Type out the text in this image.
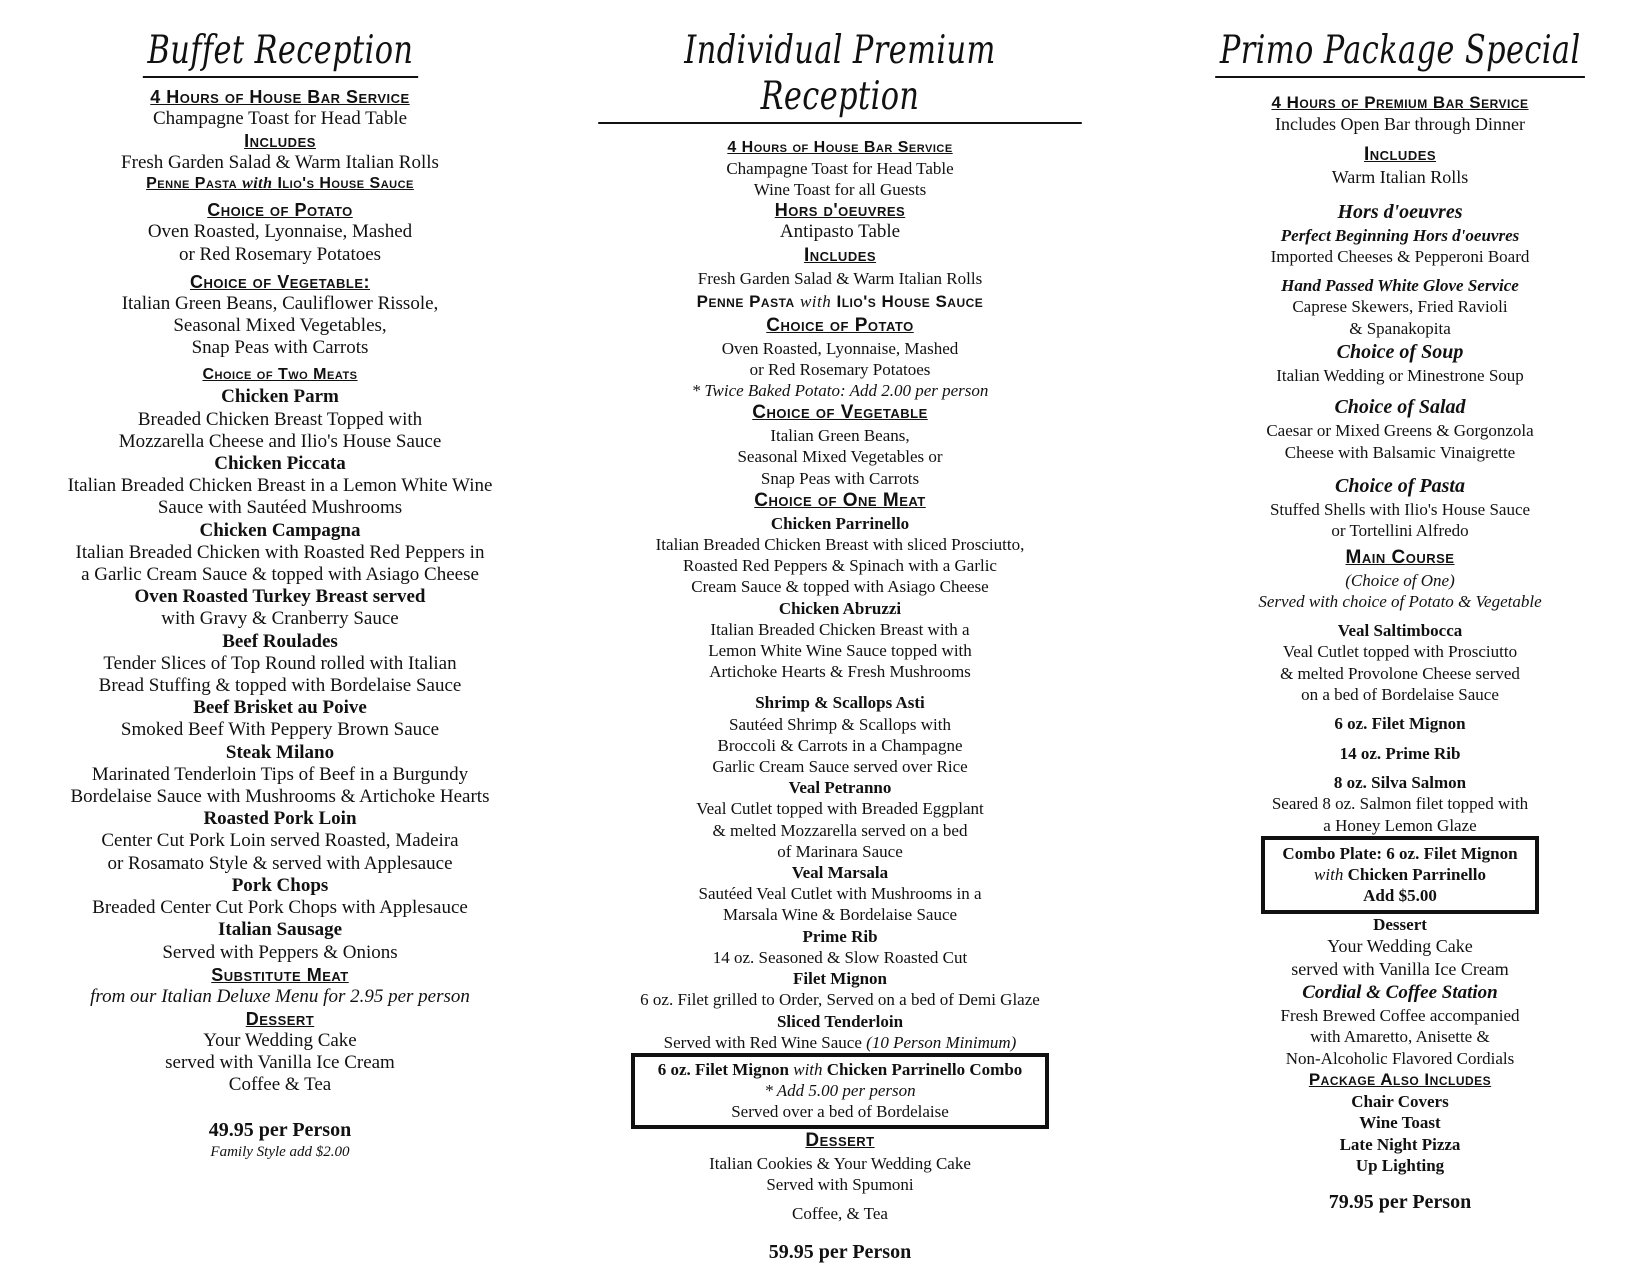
Buffet Reception

4 Hours of House Bar Service

Champagne Toast for Head Table

Includes

Fresh Garden Salad & Warm Italian Rolls

Penne Pasta with Ilio's House Sauce

Choice of Potato

Oven Roasted, Lyonnaise, Mashed

or Red Rosemary Potatoes

Choice of Vegetable:

Italian Green Beans, Cauliflower Rissole,

Seasonal Mixed Vegetables,

Snap Peas with Carrots

Choice of Two Meats

Chicken Parm

Breaded Chicken Breast Topped with

Mozzarella Cheese and Ilio's House Sauce

Chicken Piccata

Italian Breaded Chicken Breast in a Lemon White Wine

Sauce with Sautéed Mushrooms

Chicken Campagna

Italian Breaded Chicken with Roasted Red Peppers in

a Garlic Cream Sauce & topped with Asiago Cheese

Oven Roasted Turkey Breast served

with Gravy & Cranberry Sauce

Beef Roulades

Tender Slices of Top Round rolled with Italian

Bread Stuffing & topped with Bordelaise Sauce

Beef Brisket au Poive

Smoked Beef With Peppery Brown Sauce

Steak Milano

Marinated Tenderloin Tips of Beef in a Burgundy

Bordelaise Sauce with Mushrooms & Artichoke Hearts

Roasted Pork Loin

Center Cut Pork Loin served Roasted, Madeira

or Rosamato Style & served with Applesauce

Pork Chops

Breaded Center Cut Pork Chops with Applesauce

Italian Sausage

Served with Peppers & Onions

Substitute Meat

from our Italian Deluxe Menu for 2.95 per person

Dessert

Your Wedding Cake

served with Vanilla Ice Cream

Coffee & Tea

49.95 per Person

Family Style add $2.00

Individual Premium Reception

4 Hours of House Bar Service

Champagne Toast for Head Table

Wine Toast for all Guests

Hors d'oeuvres

Antipasto Table

Includes

Fresh Garden Salad & Warm Italian Rolls

Penne Pasta with Ilio's House Sauce

Choice of Potato

Oven Roasted, Lyonnaise, Mashed

or Red Rosemary Potatoes

* Twice Baked Potato: Add 2.00 per person

Choice of Vegetable

Italian Green Beans,

Seasonal Mixed Vegetables or

Snap Peas with Carrots

Choice of One Meat

Chicken Parrinello

Italian Breaded Chicken Breast with sliced Prosciutto,

Roasted Red Peppers & Spinach with a Garlic

Cream Sauce & topped with Asiago Cheese

Chicken Abruzzi

Italian Breaded Chicken Breast with a

Lemon White Wine Sauce topped with

Artichoke Hearts & Fresh Mushrooms

Shrimp & Scallops Asti

Sautéed Shrimp & Scallops with

Broccoli & Carrots in a Champagne

Garlic Cream Sauce served over Rice

Veal Petranno

Veal Cutlet topped with Breaded Eggplant

& melted Mozzarella served on a bed

of Marinara Sauce

Veal Marsala

Sautéed Veal Cutlet with Mushrooms in a

Marsala Wine & Bordelaise Sauce

Prime Rib

14 oz. Seasoned & Slow Roasted Cut

Filet Mignon

6 oz. Filet grilled to Order, Served on a bed of Demi Glaze

Sliced Tenderloin

Served with Red Wine Sauce (10 Person Minimum)

6 oz. Filet Mignon with Chicken Parrinello Combo

* Add 5.00 per person

Served over a bed of Bordelaise

Dessert

Italian Cookies & Your Wedding Cake

Served with Spumoni

Coffee, & Tea

59.95 per Person

Primo Package Special

4 Hours of Premium Bar Service

Includes Open Bar through Dinner

Includes

Warm Italian Rolls

Hors d'oeuvres

Perfect Beginning Hors d'oeuvres

Imported Cheeses & Pepperoni Board

Hand Passed White Glove Service

Caprese Skewers, Fried Ravioli

& Spanakopita

Choice of Soup

Italian Wedding or Minestrone Soup

Choice of Salad

Caesar or Mixed Greens & Gorgonzola

Cheese with Balsamic Vinaigrette

Choice of Pasta

Stuffed Shells with Ilio's House Sauce

or Tortellini Alfredo

Main Course

(Choice of One)

Served with choice of Potato & Vegetable

Veal Saltimbocca

Veal Cutlet topped with Prosciutto

& melted Provolone Cheese served

on a bed of Bordelaise Sauce

6 oz. Filet Mignon

14 oz. Prime Rib

8 oz. Silva Salmon

Seared 8 oz. Salmon filet topped with

a Honey Lemon Glaze

Combo Plate: 6 oz. Filet Mignon

with Chicken Parrinello

Add $5.00

Dessert

Your Wedding Cake

served with Vanilla Ice Cream

Cordial & Coffee Station

Fresh Brewed Coffee accompanied

with Amaretto, Anisette &

Non-Alcoholic Flavored Cordials

Package Also Includes

Chair Covers

Wine Toast

Late Night Pizza

Up Lighting

79.95 per Person
